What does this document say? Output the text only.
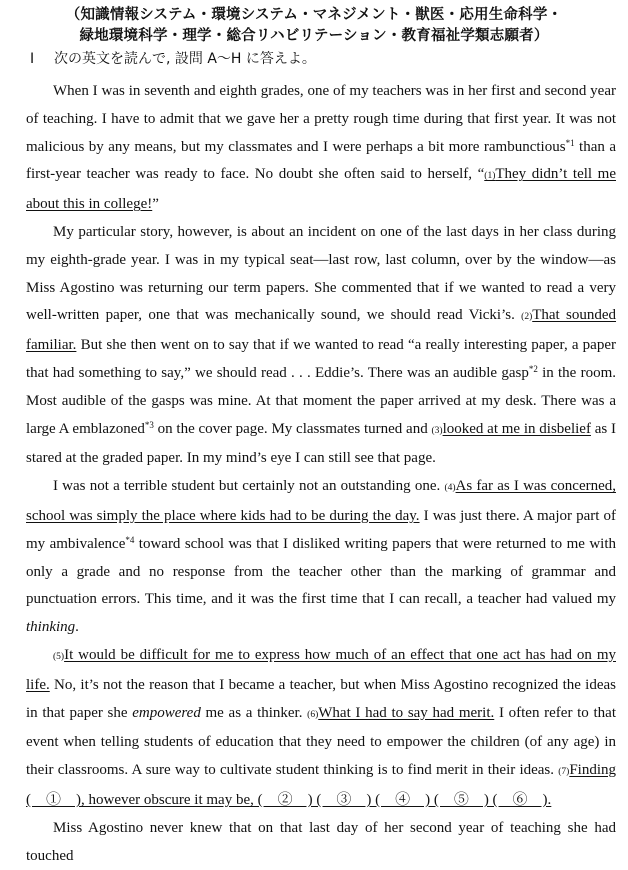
（知識情報システム・環境システム・マネジメント・獣医・応用生命科学・
緑地環境科学・理学・総合リハビリテーション・教育福祉学類志願者）
I 次の英文を読んで, 設問 A～H に答えよ。

When I was in seventh and eighth grades, one of my teachers was in her first and second year of teaching. I have to admit that we gave her a pretty rough time during that first year. It was not malicious by any means, but my classmates and I were perhaps a bit more rambunctious$^{*1}$ than a first-year teacher was ready to face. No doubt she often said to herself, “(1)They didn’t tell me about this in college!”

My particular story, however, is about an incident on one of the last days in her class during my eighth-grade year. I was in my typical seat—last row, last column, over by the window—as Miss Agostino was returning our term papers. She commented that if we wanted to read a very well-written paper, one that was mechanically sound, we should read Vicki’s. (2)That sounded familiar. But she then went on to say that if we wanted to read “a really interesting paper, a paper that had something to say,” we should read . . . Eddie’s. There was an audible gasp$^{*2}$ in the room. Most audible of the gasps was mine. At that moment the paper arrived at my desk. There was a large A emblazoned$^{*3}$ on the cover page. My classmates turned and (3)looked at me in disbelief as I stared at the graded paper. In my mind’s eye I can still see that page.

I was not a terrible student but certainly not an outstanding one. (4)As far as I was concerned, school was simply the place where kids had to be during the day. I was just there. A major part of my ambivalence$^{*4}$ toward school was that I disliked writing papers that were returned to me with only a grade and no response from the teacher other than the marking of grammar and punctuation errors. This time, and it was the first time that I can recall, a teacher had valued my thinking.

(5)It would be difficult for me to express how much of an effect that one act has had on my life. No, it’s not the reason that I became a teacher, but when Miss Agostino recognized the ideas in that paper she empowered me as a thinker. (6)What I had to say had merit. I often refer to that event when telling students of education that they need to empower the children (of any age) in their classrooms. A sure way to cultivate student thinking is to find merit in their ideas. (7)Finding (　①　), however obscure it may be, (　②　) (　③　) (　④　) (　⑤　) (　⑥　).

Miss Agostino never knew that on that last day of her second year of teaching she had touched
